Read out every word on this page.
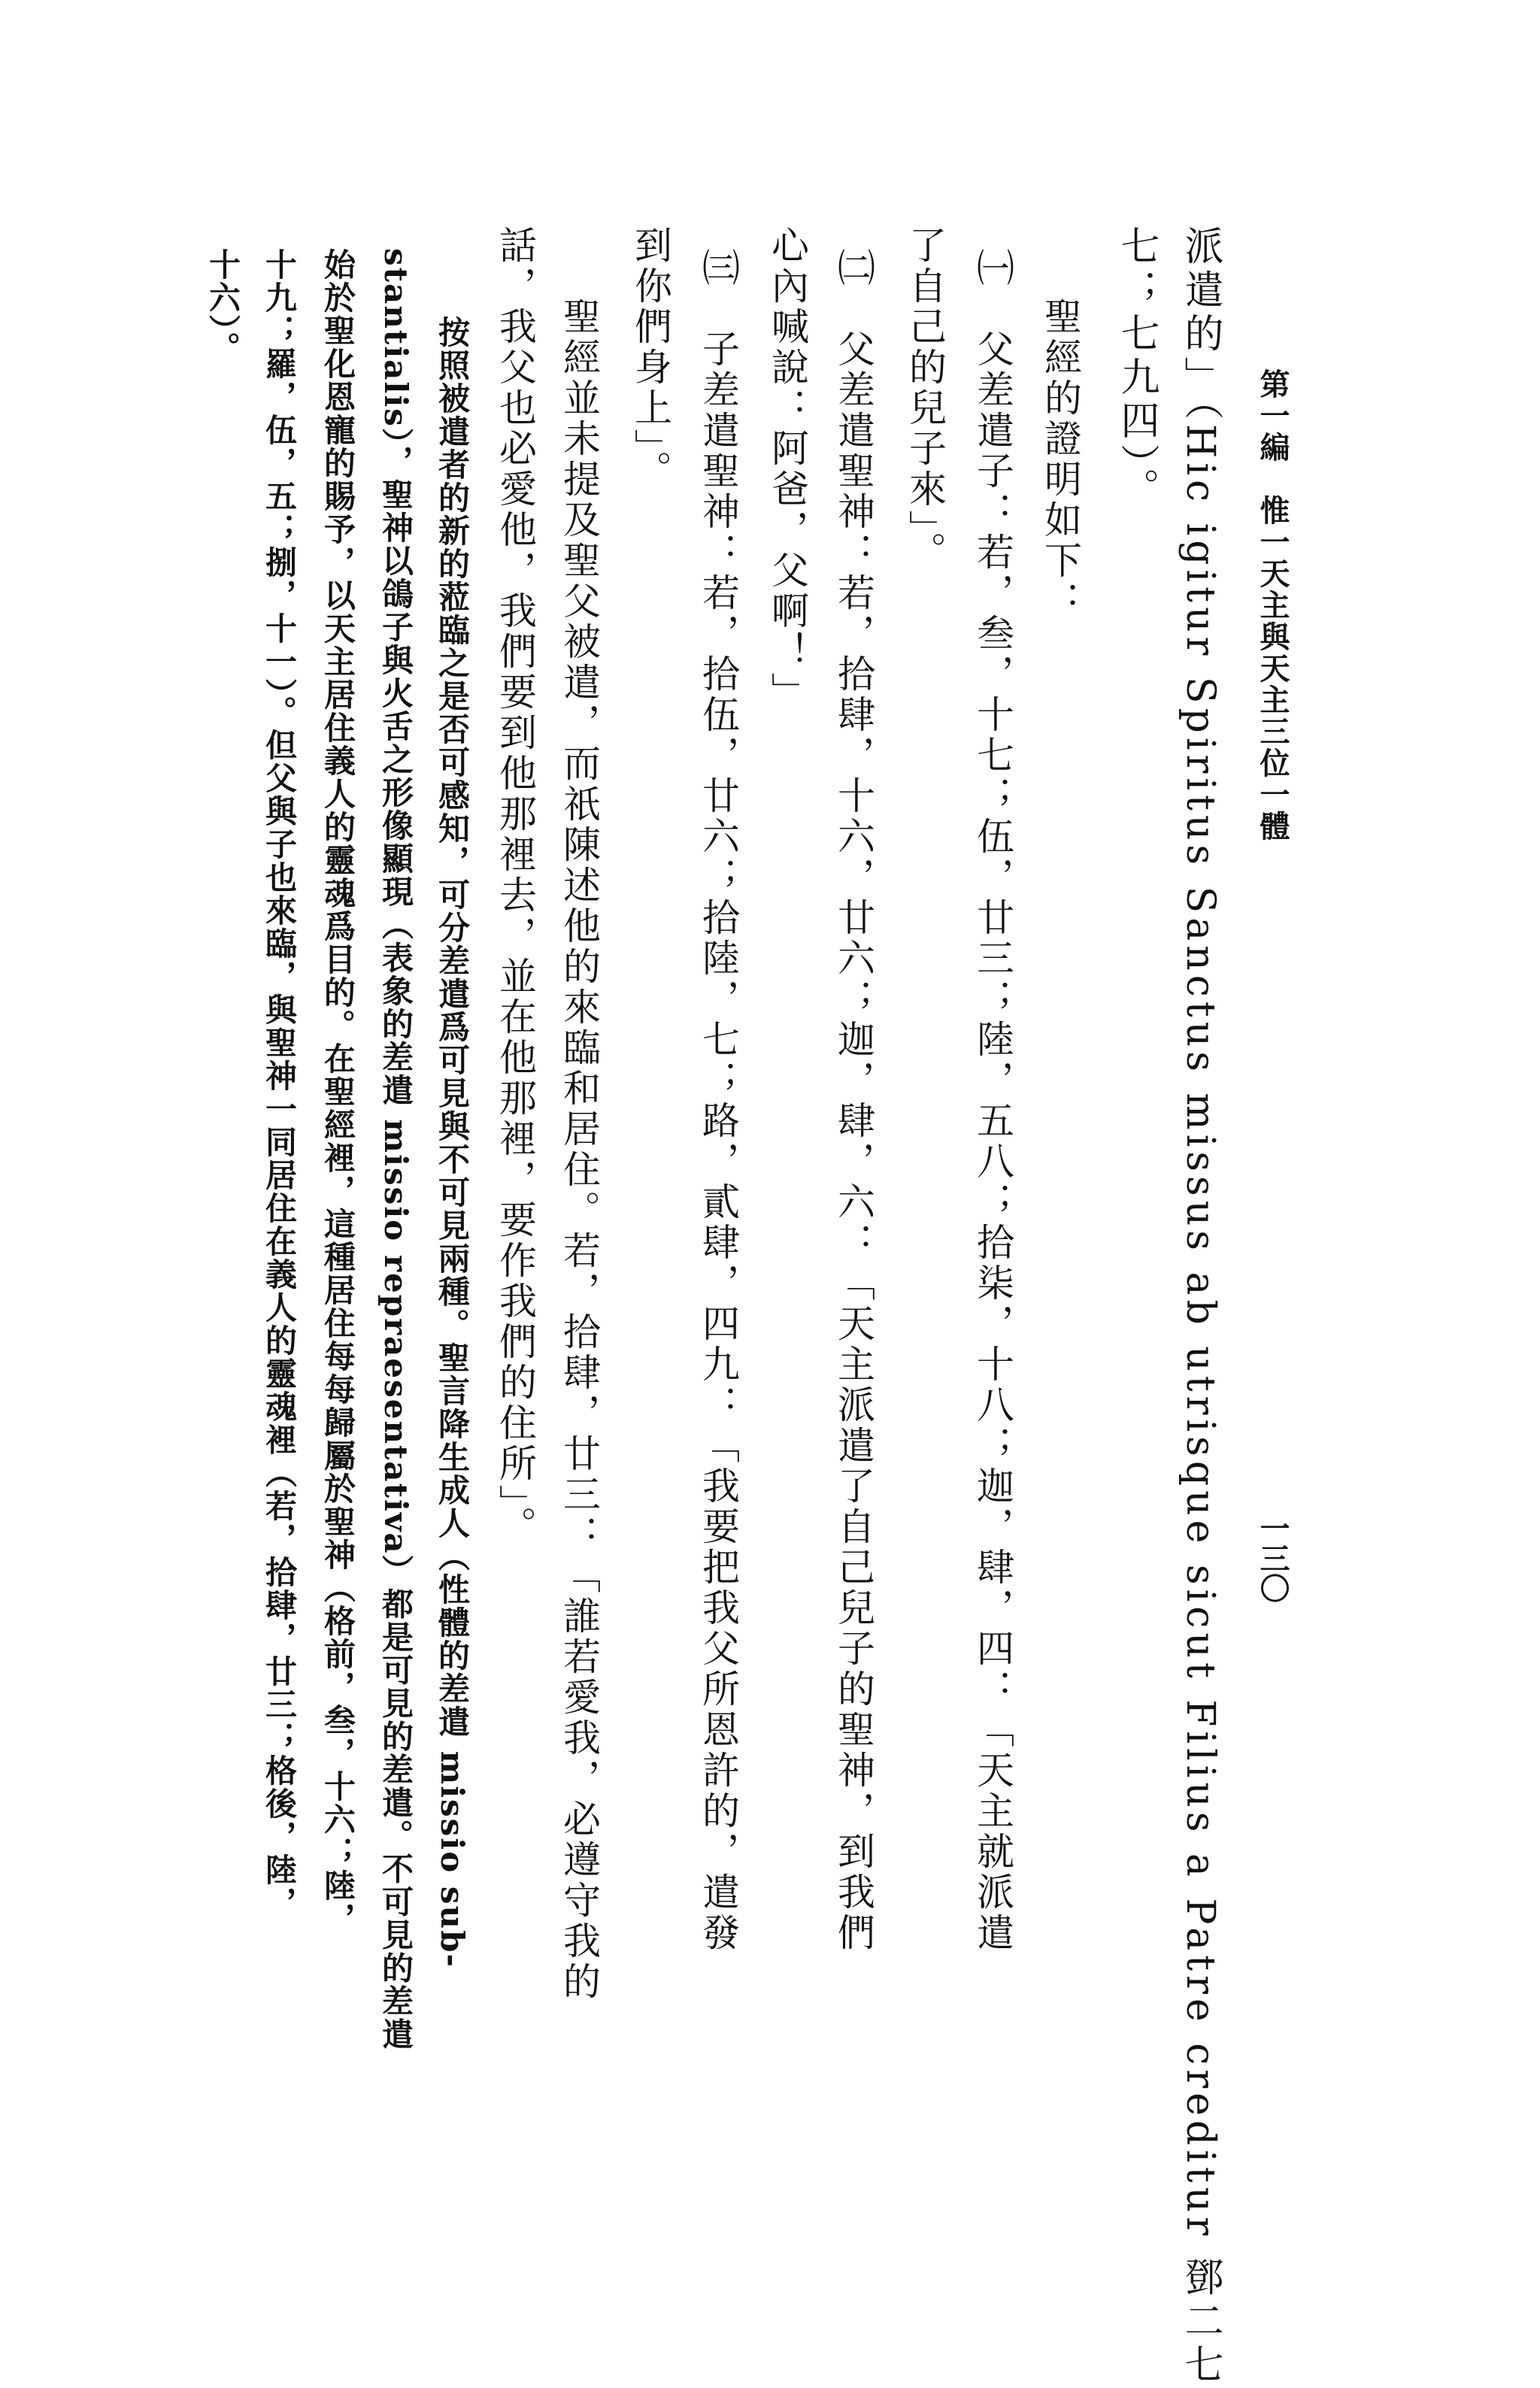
第一編　惟一天主與天主三位一體
一三〇
派遣的」（Hic igitur Spiritus Sanctus missus ab utrisque sicut Filius a Patre creditur 鄧二七
七；七九四）。
聖經的證明如下：
㈠　父差遣子：若，叁，十七；伍，廿三；陸，五八；拾柒，十八；迦，肆，四：「天主就派遣
了自己的兒子來」。
㈡　父差遣聖神：若，拾肆，十六，廿六；迦，肆，六：「天主派遣了自己兒子的聖神，到我們
心內喊說：阿爸，父啊！」
㈢　子差遣聖神：若，拾伍，廿六；拾陸，七；路，貳肆，四九：「我要把我父所恩許的，遣發
到你們身上」。
聖經並未提及聖父被遣，而祇陳述他的來臨和居住。若，拾肆，廿三：「誰若愛我，必遵守我的
話，我父也必愛他，我們要到他那裡去，並在他那裡，要作我們的住所」。
按照被遣者的新的蒞臨之是否可感知，可分差遣爲可見與不可見兩種。聖言降生成人（性體的差遣 missio sub-
stantialis），聖神以鴿子與火舌之形像顯現（表象的差遣 missio repraesentativa）都是可見的差遣。不可見的差遣
始於聖化恩寵的賜予，以天主居住義人的靈魂爲目的。在聖經裡，這種居住每每歸屬於聖神（格前，叁，十六；陸，
十九；羅，伍，五；捌，十一）。但父與子也來臨，與聖神一同居住在義人的靈魂裡（若，拾肆，廿三；格後，陸，
十六）。
